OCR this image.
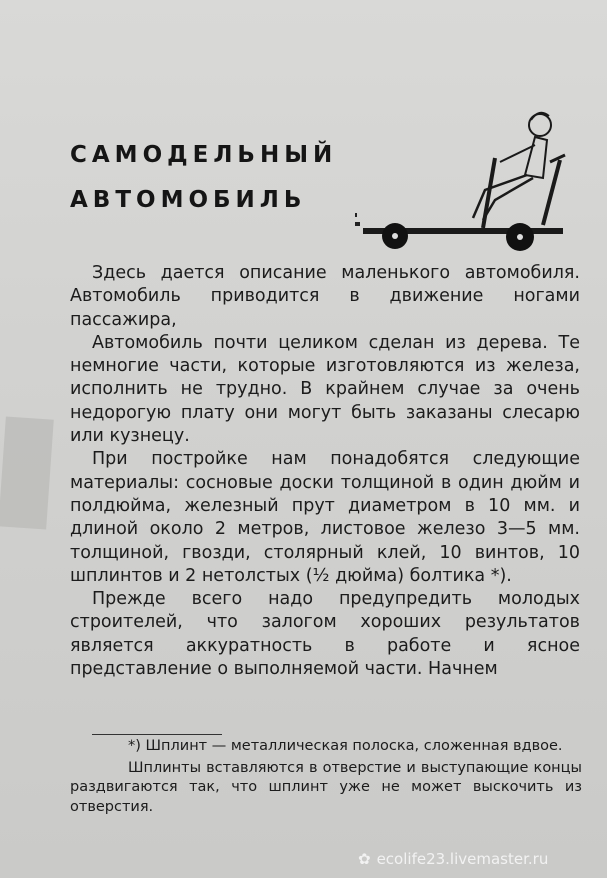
САМОДЕЛЬНЫЙ
АВТОМОБИЛЬ

Здесь дается описание маленького автомобиля. Автомобиль приводится в движение ногами пассажира,

Автомобиль почти целиком сделан из дерева. Те немногие части, которые изготовляются из железа, исполнить не трудно. В крайнем случае за очень недорогую плату они могут быть заказаны слесарю или кузнецу.

При постройке нам понадобятся следующие материалы: сосновые доски толщиной в один дюйм и полдюйма, железный прут диаметром в 10 мм. и длиной около 2 метров, листовое железо 3—5 мм. толщиной, гвозди, столярный клей, 10 винтов, 10 шплинтов и 2 нетолстых (½ дюйма) болтика *).

Прежде всего надо предупредить молодых строителей, что залогом хороших результатов является аккуратность в работе и ясное представление о выполняемой части. Начнем

*) Шплинт — металлическая полоска, сложенная вдвое.

Шплинты вставляются в отверстие и выступающие концы раздвигаются так, что шплинт уже не может выскочить из отверстия.

✿ ecolife23.livemaster.ru
